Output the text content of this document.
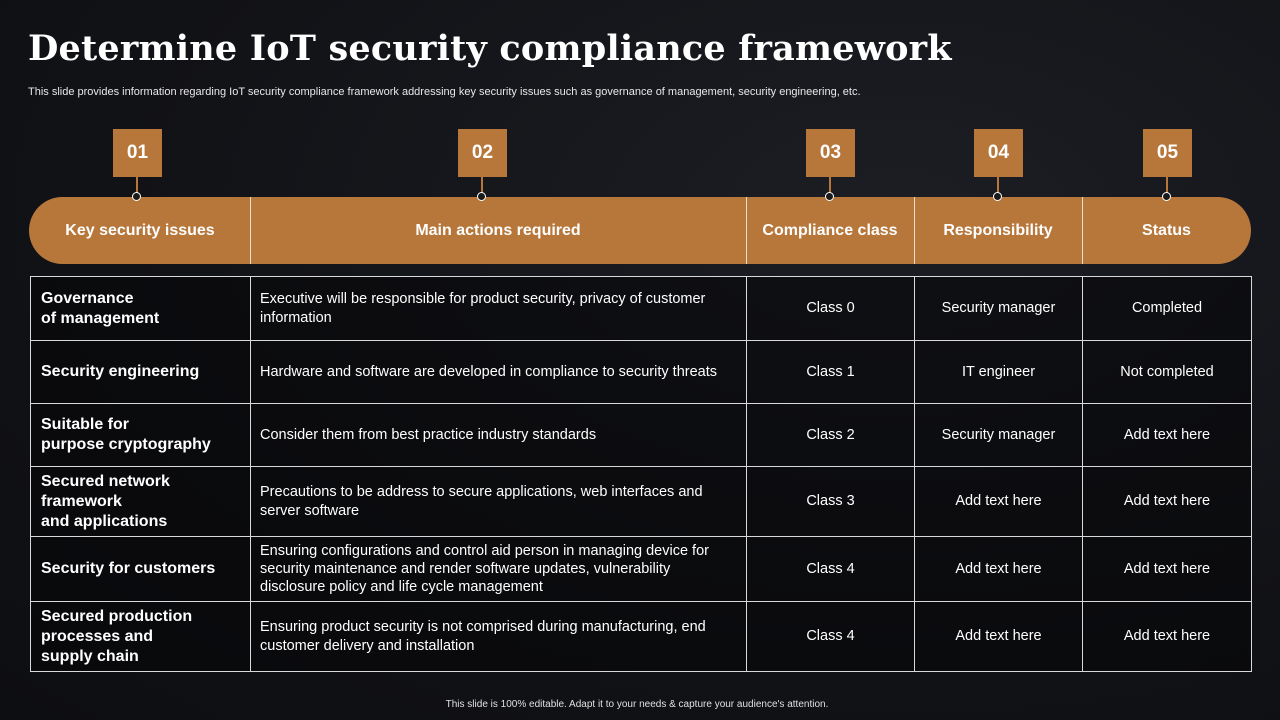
Determine IoT security compliance framework
This slide provides information regarding IoT security compliance framework addressing key security issues such as governance of management, security engineering, etc.
01	02	03	04	05
Key security issues	Main actions required	Compliance class	Responsibility	Status
Governance
of management	Executive will be responsible for product security, privacy of customer information	Class 0	Security manager	Completed
Security engineering	Hardware and software are developed in compliance to security threats	Class 1	IT engineer	Not completed
Suitable for
purpose cryptography	Consider them from best practice industry standards	Class 2	Security manager	Add text here
Secured network
framework
and applications	Precautions to be address to secure applications, web interfaces and server software	Class 3	Add text here	Add text here
Security for customers	Ensuring configurations and control aid person in managing device for security maintenance and render software updates, vulnerability disclosure policy and life cycle management	Class 4	Add text here	Add text here
Secured production
processes and
supply chain	Ensuring product security is not comprised during manufacturing, end customer delivery and installation	Class 4	Add text here	Add text here
This slide is 100% editable. Adapt it to your needs & capture your audience's attention.
